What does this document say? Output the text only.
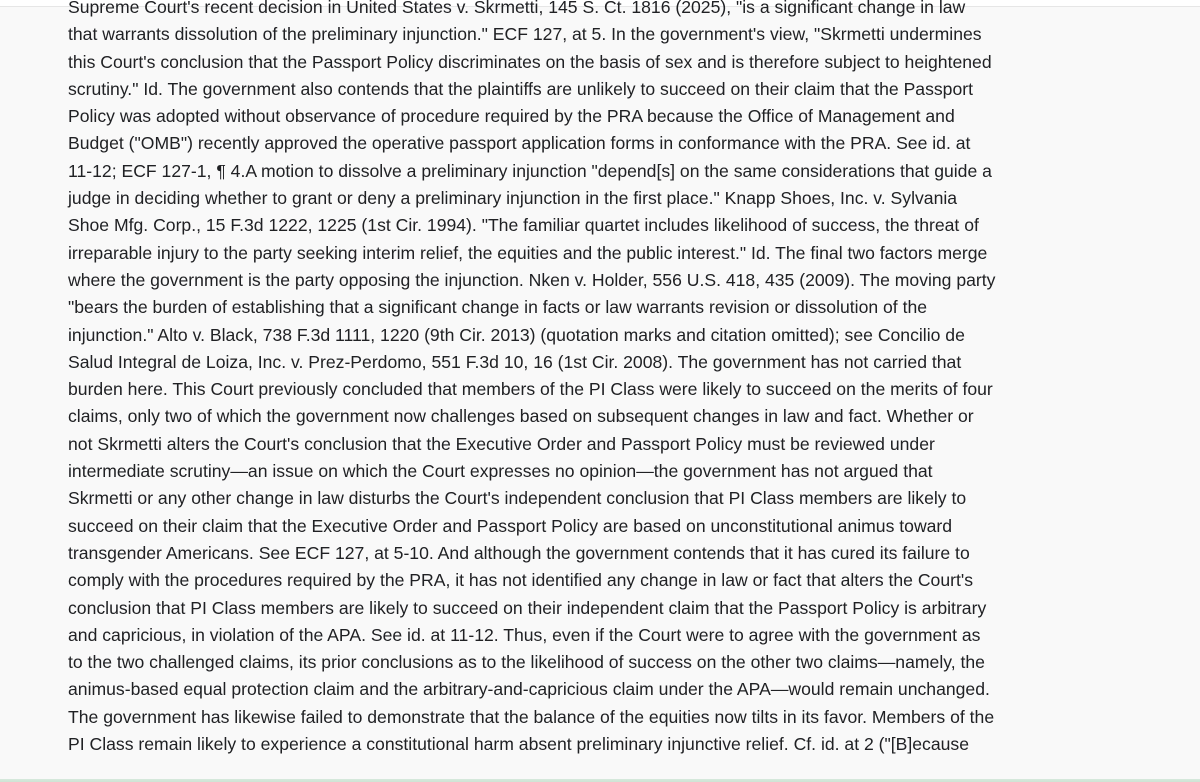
Supreme Court's recent decision in United States v. Skrmetti, 145 S. Ct. 1816 (2025), "is a significant change in law
that warrants dissolution of the preliminary injunction." ECF 127, at 5. In the government's view, "Skrmetti undermines
this Court's conclusion that the Passport Policy discriminates on the basis of sex and is therefore subject to heightened
scrutiny." Id. The government also contends that the plaintiffs are unlikely to succeed on their claim that the Passport
Policy was adopted without observance of procedure required by the PRA because the Office of Management and
Budget ("OMB") recently approved the operative passport application forms in conformance with the PRA. See id. at
11-12; ECF 127-1, ¶ 4.A motion to dissolve a preliminary injunction "depend[s] on the same considerations that guide a
judge in deciding whether to grant or deny a preliminary injunction in the first place." Knapp Shoes, Inc. v. Sylvania
Shoe Mfg. Corp., 15 F.3d 1222, 1225 (1st Cir. 1994). "The familiar quartet includes likelihood of success, the threat of
irreparable injury to the party seeking interim relief, the equities and the public interest." Id. The final two factors merge
where the government is the party opposing the injunction. Nken v. Holder, 556 U.S. 418, 435 (2009). The moving party
"bears the burden of establishing that a significant change in facts or law warrants revision or dissolution of the
injunction." Alto v. Black, 738 F.3d 1111, 1220 (9th Cir. 2013) (quotation marks and citation omitted); see Concilio de
Salud Integral de Loiza, Inc. v. Prez-Perdomo, 551 F.3d 10, 16 (1st Cir. 2008). The government has not carried that
burden here. This Court previously concluded that members of the PI Class were likely to succeed on the merits of four
claims, only two of which the government now challenges based on subsequent changes in law and fact. Whether or
not Skrmetti alters the Court's conclusion that the Executive Order and Passport Policy must be reviewed under
intermediate scrutiny—an issue on which the Court expresses no opinion—the government has not argued that
Skrmetti or any other change in law disturbs the Court's independent conclusion that PI Class members are likely to
succeed on their claim that the Executive Order and Passport Policy are based on unconstitutional animus toward
transgender Americans. See ECF 127, at 5-10. And although the government contends that it has cured its failure to
comply with the procedures required by the PRA, it has not identified any change in law or fact that alters the Court's
conclusion that PI Class members are likely to succeed on their independent claim that the Passport Policy is arbitrary
and capricious, in violation of the APA. See id. at 11-12. Thus, even if the Court were to agree with the government as
to the two challenged claims, its prior conclusions as to the likelihood of success on the other two claims—namely, the
animus-based equal protection claim and the arbitrary-and-capricious claim under the APA—would remain unchanged.
The government has likewise failed to demonstrate that the balance of the equities now tilts in its favor. Members of the
PI Class remain likely to experience a constitutional harm absent preliminary injunctive relief. Cf. id. at 2 ("[B]ecause
